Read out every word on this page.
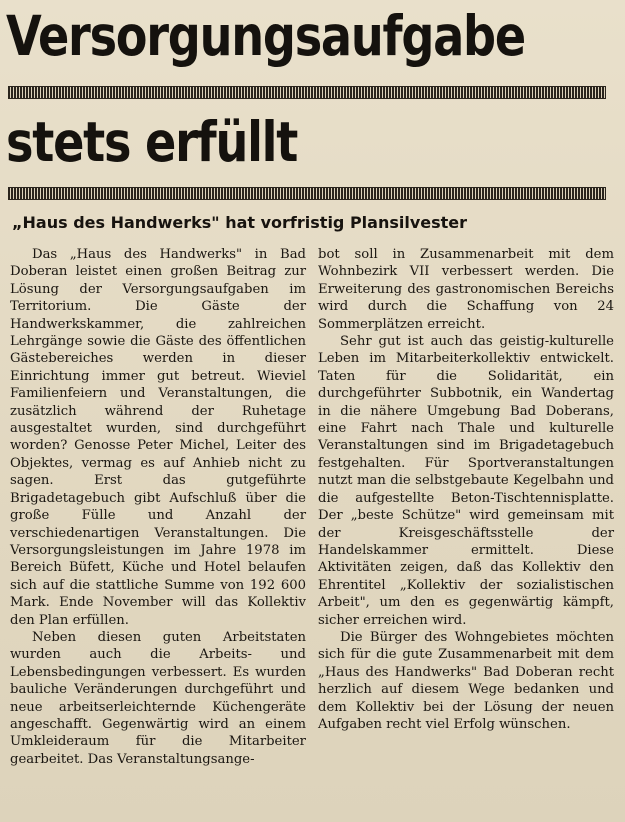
Versorgungsaufgabe
stets erfüllt
„Haus des Handwerks" hat vorfristig Plansilvester

Das „Haus des Handwerks" in Bad Doberan leistet einen großen Beitrag zur Lösung der Versorgungsaufgaben im Territorium. Die Gäste der Handwerkskammer, die zahlreichen Lehrgänge sowie die Gäste des öffentlichen Gästebereiches werden in dieser Einrichtung immer gut betreut. Wieviel Familienfeiern und Veranstaltungen, die zusätzlich während der Ruhetage ausgestaltet wurden, sind durchgeführt worden? Genosse Peter Michel, Leiter des Objektes, vermag es auf Anhieb nicht zu sagen. Erst das gutgeführte Brigadetagebuch gibt Aufschluß über die große Fülle und Anzahl der verschiedenartigen Veranstaltungen. Die Versorgungsleistungen im Jahre 1978 im Bereich Büfett, Küche und Hotel belaufen sich auf die stattliche Summe von 192 600 Mark. Ende November will das Kollektiv den Plan erfüllen.

Neben diesen guten Arbeitstaten wurden auch die Arbeits- und Lebensbedingungen verbessert. Es wurden bauliche Veränderungen durchgeführt und neue arbeitserleichternde Küchengeräte angeschafft. Gegenwärtig wird an einem Umkleideraum für die Mitarbeiter gearbeitet. Das Veranstaltungsange-

bot soll in Zusammenarbeit mit dem Wohnbezirk VII verbessert werden. Die Erweiterung des gastronomischen Bereichs wird durch die Schaffung von 24 Sommerplätzen erreicht.

Sehr gut ist auch das geistig-kulturelle Leben im Mitarbeiterkollektiv entwickelt. Taten für die Solidarität, ein durchgeführter Subbotnik, ein Wandertag in die nähere Umgebung Bad Doberans, eine Fahrt nach Thale und kulturelle Veranstaltungen sind im Brigadetagebuch festgehalten. Für Sportveranstaltungen nutzt man die selbstgebaute Kegelbahn und die aufgestellte Beton-Tischtennisplatte. Der „beste Schütze" wird gemeinsam mit der Kreisgeschäftsstelle der Handelskammer ermittelt. Diese Aktivitäten zeigen, daß das Kollektiv den Ehrentitel „Kollektiv der sozialistischen Arbeit", um den es gegenwärtig kämpft, sicher erreichen wird.

Die Bürger des Wohngebietes möchten sich für die gute Zusammenarbeit mit dem „Haus des Handwerks" Bad Doberan recht herzlich auf diesem Wege bedanken und dem Kollektiv bei der Lösung der neuen Aufgaben recht viel Erfolg wünschen.
